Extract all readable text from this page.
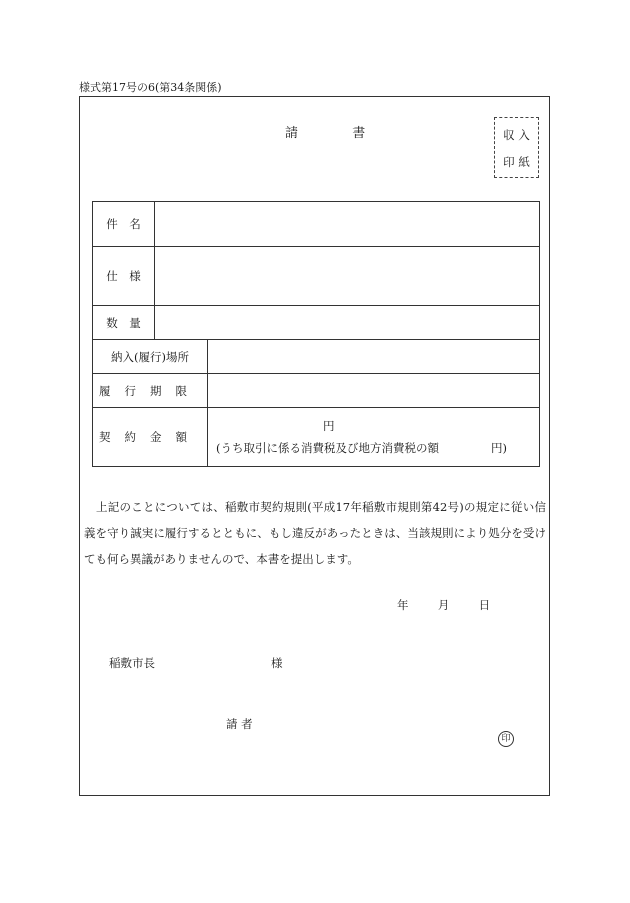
様式第17号の6(第34条関係)
請	書	収 入
印 紙
件　名		
仕　様		
数　量		
納入(履行)場所		
履行期限		
契約金額		円
(うち取引に係る消費税及び地方消費税の額 円)

上記のことについては、稲敷市契約規則(平成17年稲敷市規則第42号)の規定に従い信義を守り誠実に履行するとともに、もし違反があったときは、当該規則により処分を受けても何ら異議がありませんので、本書を提出します。

年	月	日
稲敷市長	様
請 者
印
